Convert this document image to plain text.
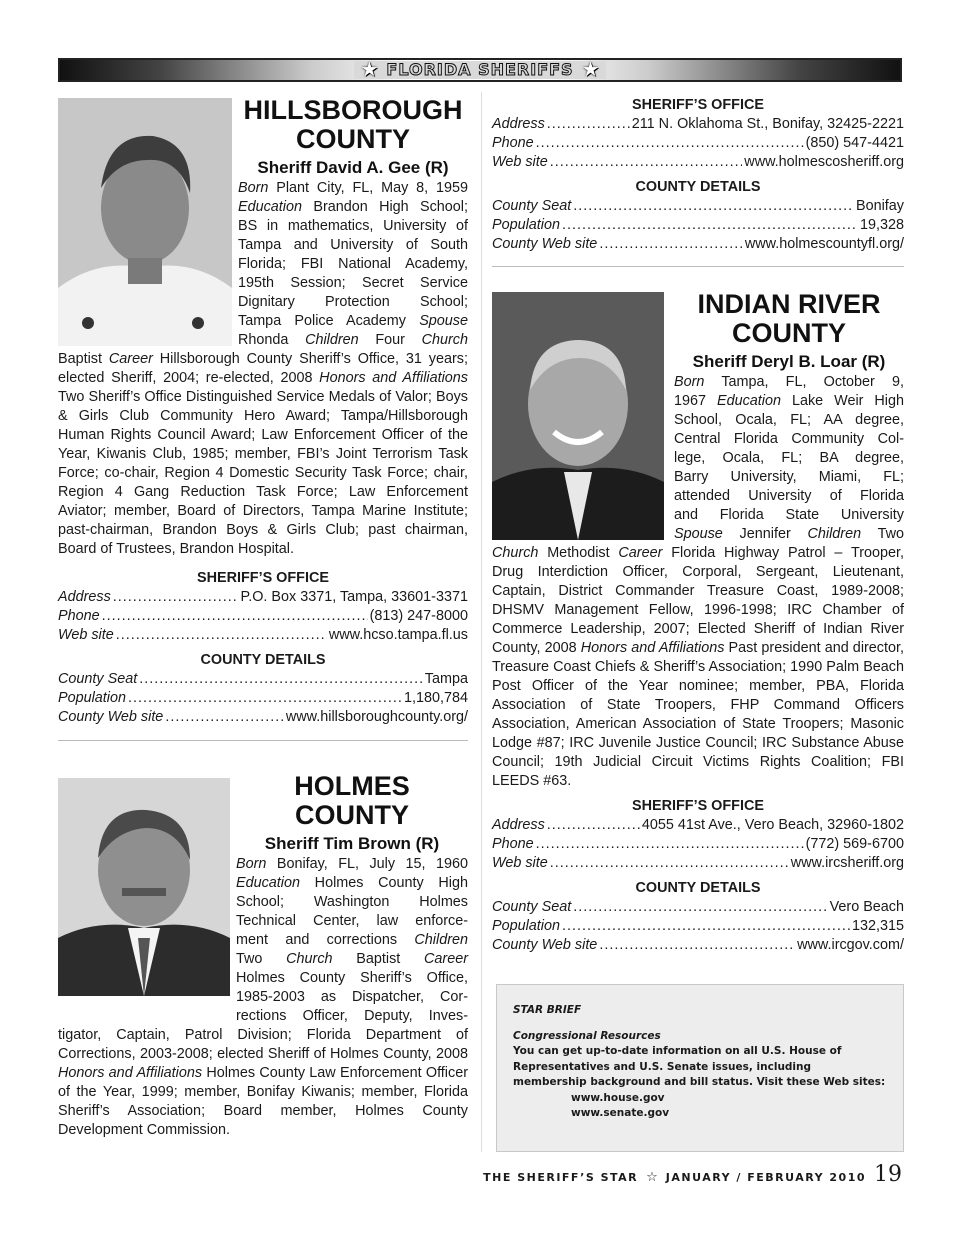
★ FLORIDA SHERIFFS ★
HILLSBOROUGH
COUNTY
Sheriff David A. Gee (R)
Born Plant City, FL, May 8, 1959
Education Brandon High School;
BS in mathematics, University of
Tampa and University of South
Florida; FBI National Academy,
195th Session; Secret Service
Dignitary Protection School;
Tampa Police Academy Spouse
Rhonda Children Four Church
Baptist Career Hillsborough County Sheriff’s Office, 31 years; elected Sheriff, 2004; re-elected, 2008 Honors and Affiliations Two Sheriff’s Office Distinguished Service Medals of Valor; Boys & Girls Club Community Hero Award; Tampa/Hillsborough Human Rights Council Award; Law Enforcement Officer of the Year, Kiwanis Club, 1985; member, FBI’s Joint Terrorism Task Force; co-chair, Region 4 Domestic Security Task Force; chair, Region 4 Gang Reduction Task Force; Law Enforcement Aviator; member, Board of Directors, Tampa Marine Institute; past-chairman, Brandon Boys & Girls Club; past chairman, Board of Trustees, Brandon Hospital.
SHERIFF’S OFFICE
Address .....	P.O. Box 3371, Tampa, 33601-3371
Phone .....	(813) 247-8000
Web site .....	www.hcso.tampa.fl.us
COUNTY DETAILS
County Seat .....	Tampa
Population .....	1,180,784
County Web site .....	www.hillsboroughcounty.org/
HOLMES
COUNTY
Sheriff Tim Brown (R)
Born Bonifay, FL, July 15, 1960
Education Holmes County High
School; Washington Holmes
Technical Center, law enforce-
ment and corrections Children
Two Church Baptist Career
Holmes County Sheriff’s Office,
1985-2003 as Dispatcher, Cor-
rections Officer, Deputy, Inves-
tigator, Captain, Patrol Division; Florida Department of Corrections, 2003-2008; elected Sheriff of Holmes County, 2008 Honors and Affiliations Holmes County Law Enforcement Officer of the Year, 1999; member, Bonifay Kiwanis; member, Florida Sheriff’s Association; Board member, Holmes County Development Commission.
SHERIFF’S OFFICE
Address .....	211 N. Oklahoma St., Bonifay, 32425-2221
Phone .....	(850) 547-4421
Web site .....	www.holmescosheriff.org
COUNTY DETAILS
County Seat .....	Bonifay
Population .....	19,328
County Web site .....	www.holmescountyfl.org/
INDIAN RIVER
COUNTY
Sheriff Deryl B. Loar (R)
Born Tampa, FL, October 9,
1967 Education Lake Weir High
School, Ocala, FL; AA degree,
Central Florida Community Col-
lege, Ocala, FL; BA degree,
Barry University, Miami, FL;
attended University of Florida
and Florida State University
Spouse Jennifer Children Two
Church Methodist Career Florida Highway Patrol – Trooper, Drug Interdiction Officer, Corporal, Sergeant, Lieutenant, Captain, District Commander Treasure Coast, 1989-2008; DHSMV Management Fellow, 1996-1998; IRC Chamber of Commerce Leadership, 2007; Elected Sheriff of Indian River County, 2008 Honors and Affiliations Past president and director, Treasure Coast Chiefs & Sheriff’s Association; 1990 Palm Beach Post Officer of the Year nominee; member, PBA, Florida Association of State Troopers, FHP Command Officers Association, American Association of State Troopers; Masonic Lodge #87; IRC Juvenile Justice Council; IRC Substance Abuse Council; 19th Judicial Circuit Victims Rights Coalition; FBI LEEDS #63.
SHERIFF’S OFFICE
Address .....	4055 41st Ave., Vero Beach, 32960-1802
Phone .....	(772) 569-6700
Web site .....	www.ircsheriff.org
COUNTY DETAILS
County Seat .....	Vero Beach
Population .....	132,315
County Web site .....	www.ircgov.com/
STAR BRIEF
Congressional Resources
You can get up-to-date information on all U.S. House of Representatives and U.S. Senate issues, including membership background and bill status. Visit these Web sites:
www.house.gov
www.senate.gov
THE SHERIFF’S STAR ☆ JANUARY / FEBRUARY 2010 19
